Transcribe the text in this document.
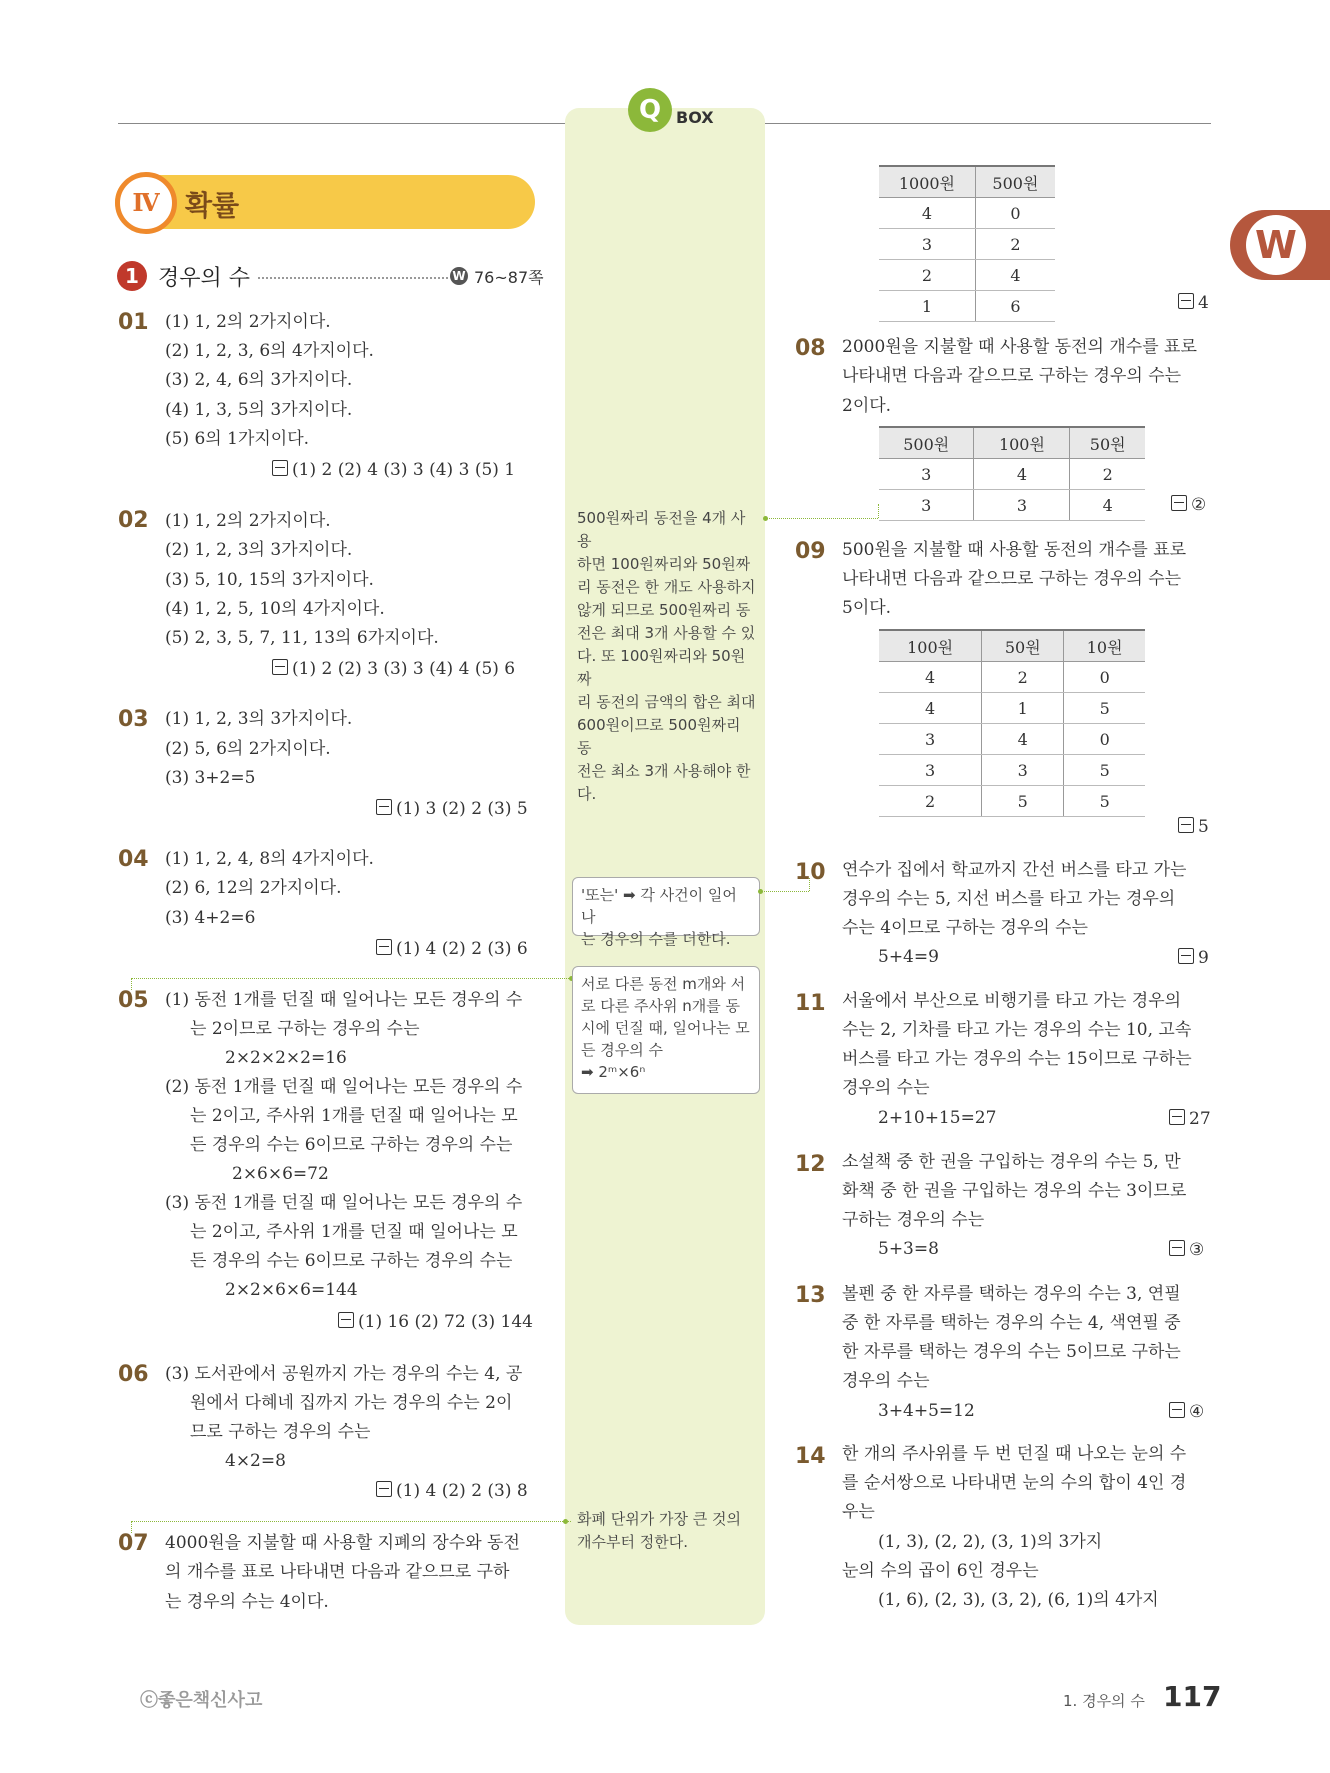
Q BOX
W
Ⅳ 확률
1 경우의 수	W 76~87쪽
01 (1) 1, 2의 2가지이다.
(2) 1, 2, 3, 6의 4가지이다.
(3) 2, 4, 6의 3가지이다.
(4) 1, 3, 5의 3가지이다.
(5) 6의 1가지이다.
(1) 2 (2) 4 (3) 3 (4) 3 (5) 1
02 (1) 1, 2의 2가지이다.
(2) 1, 2, 3의 3가지이다.
(3) 5, 10, 15의 3가지이다.
(4) 1, 2, 5, 10의 4가지이다.
(5) 2, 3, 5, 7, 11, 13의 6가지이다.
(1) 2 (2) 3 (3) 3 (4) 4 (5) 6
03 (1) 1, 2, 3의 3가지이다.
(2) 5, 6의 2가지이다.
(3) 3+2=5
(1) 3 (2) 2 (3) 5
04 (1) 1, 2, 4, 8의 4가지이다.
(2) 6, 12의 2가지이다.
(3) 4+2=6
(1) 4 (2) 2 (3) 6
05 (1) 동전 1개를 던질 때 일어나는 모든 경우의 수
는 2이므로 구하는 경우의 수는
2×2×2×2=16
(2) 동전 1개를 던질 때 일어나는 모든 경우의 수
는 2이고, 주사위 1개를 던질 때 일어나는 모
든 경우의 수는 6이므로 구하는 경우의 수는
2×6×6=72
(3) 동전 1개를 던질 때 일어나는 모든 경우의 수
는 2이고, 주사위 1개를 던질 때 일어나는 모
든 경우의 수는 6이므로 구하는 경우의 수는
2×2×6×6=144
(1) 16 (2) 72 (3) 144
06 (3) 도서관에서 공원까지 가는 경우의 수는 4, 공
원에서 다혜네 집까지 가는 경우의 수는 2이
므로 구하는 경우의 수는
4×2=8
(1) 4 (2) 2 (3) 8
07 4000원을 지불할 때 사용할 지폐의 장수와 동전
의 개수를 표로 나타내면 다음과 같으므로 구하
는 경우의 수는 4이다.
500원짜리 동전을 4개 사용
하면 100원짜리와 50원짜
리 동전은 한 개도 사용하지
않게 되므로 500원짜리 동
전은 최대 3개 사용할 수 있
다. 또 100원짜리와 50원짜
리 동전의 금액의 합은 최대
600원이므로 500원짜리 동
전은 최소 3개 사용해야 한
다.
'또는' ➡ 각 사건이 일어나
는 경우의 수를 더한다.
서로 다른 동전 m개와 서
로 다른 주사위 n개를 동
시에 던질 때, 일어나는 모
든 경우의 수
➡ 2ᵐ×6ⁿ
화폐 단위가 가장 큰 것의
개수부터 정한다.
1000원	500원
4	0
3	2
2	4
1	6	4
08 2000원을 지불할 때 사용할 동전의 개수를 표로
나타내면 다음과 같으므로 구하는 경우의 수는
2이다.
500원	100원	50원
3	4	2
3	3	4	②
09 500원을 지불할 때 사용할 동전의 개수를 표로
나타내면 다음과 같으므로 구하는 경우의 수는
5이다.
100원	50원	10원
4	2	0
4	1	5
3	4	0
3	3	5
2	5	5
5
10 연수가 집에서 학교까지 간선 버스를 타고 가는
경우의 수는 5, 지선 버스를 타고 가는 경우의
수는 4이므로 구하는 경우의 수는
5+4=9	9
11 서울에서 부산으로 비행기를 타고 가는 경우의
수는 2, 기차를 타고 가는 경우의 수는 10, 고속
버스를 타고 가는 경우의 수는 15이므로 구하는
경우의 수는
2+10+15=27	27
12 소설책 중 한 권을 구입하는 경우의 수는 5, 만
화책 중 한 권을 구입하는 경우의 수는 3이므로
구하는 경우의 수는
5+3=8	③
13 볼펜 중 한 자루를 택하는 경우의 수는 3, 연필
중 한 자루를 택하는 경우의 수는 4, 색연필 중
한 자루를 택하는 경우의 수는 5이므로 구하는
경우의 수는
3+4+5=12	④
14 한 개의 주사위를 두 번 던질 때 나오는 눈의 수
를 순서쌍으로 나타내면 눈의 수의 합이 4인 경
우는
(1, 3), (2, 2), (3, 1)의 3가지
눈의 수의 곱이 6인 경우는
(1, 6), (2, 3), (3, 2), (6, 1)의 4가지
ⓒ좋은책신사고	1. 경우의 수 117
